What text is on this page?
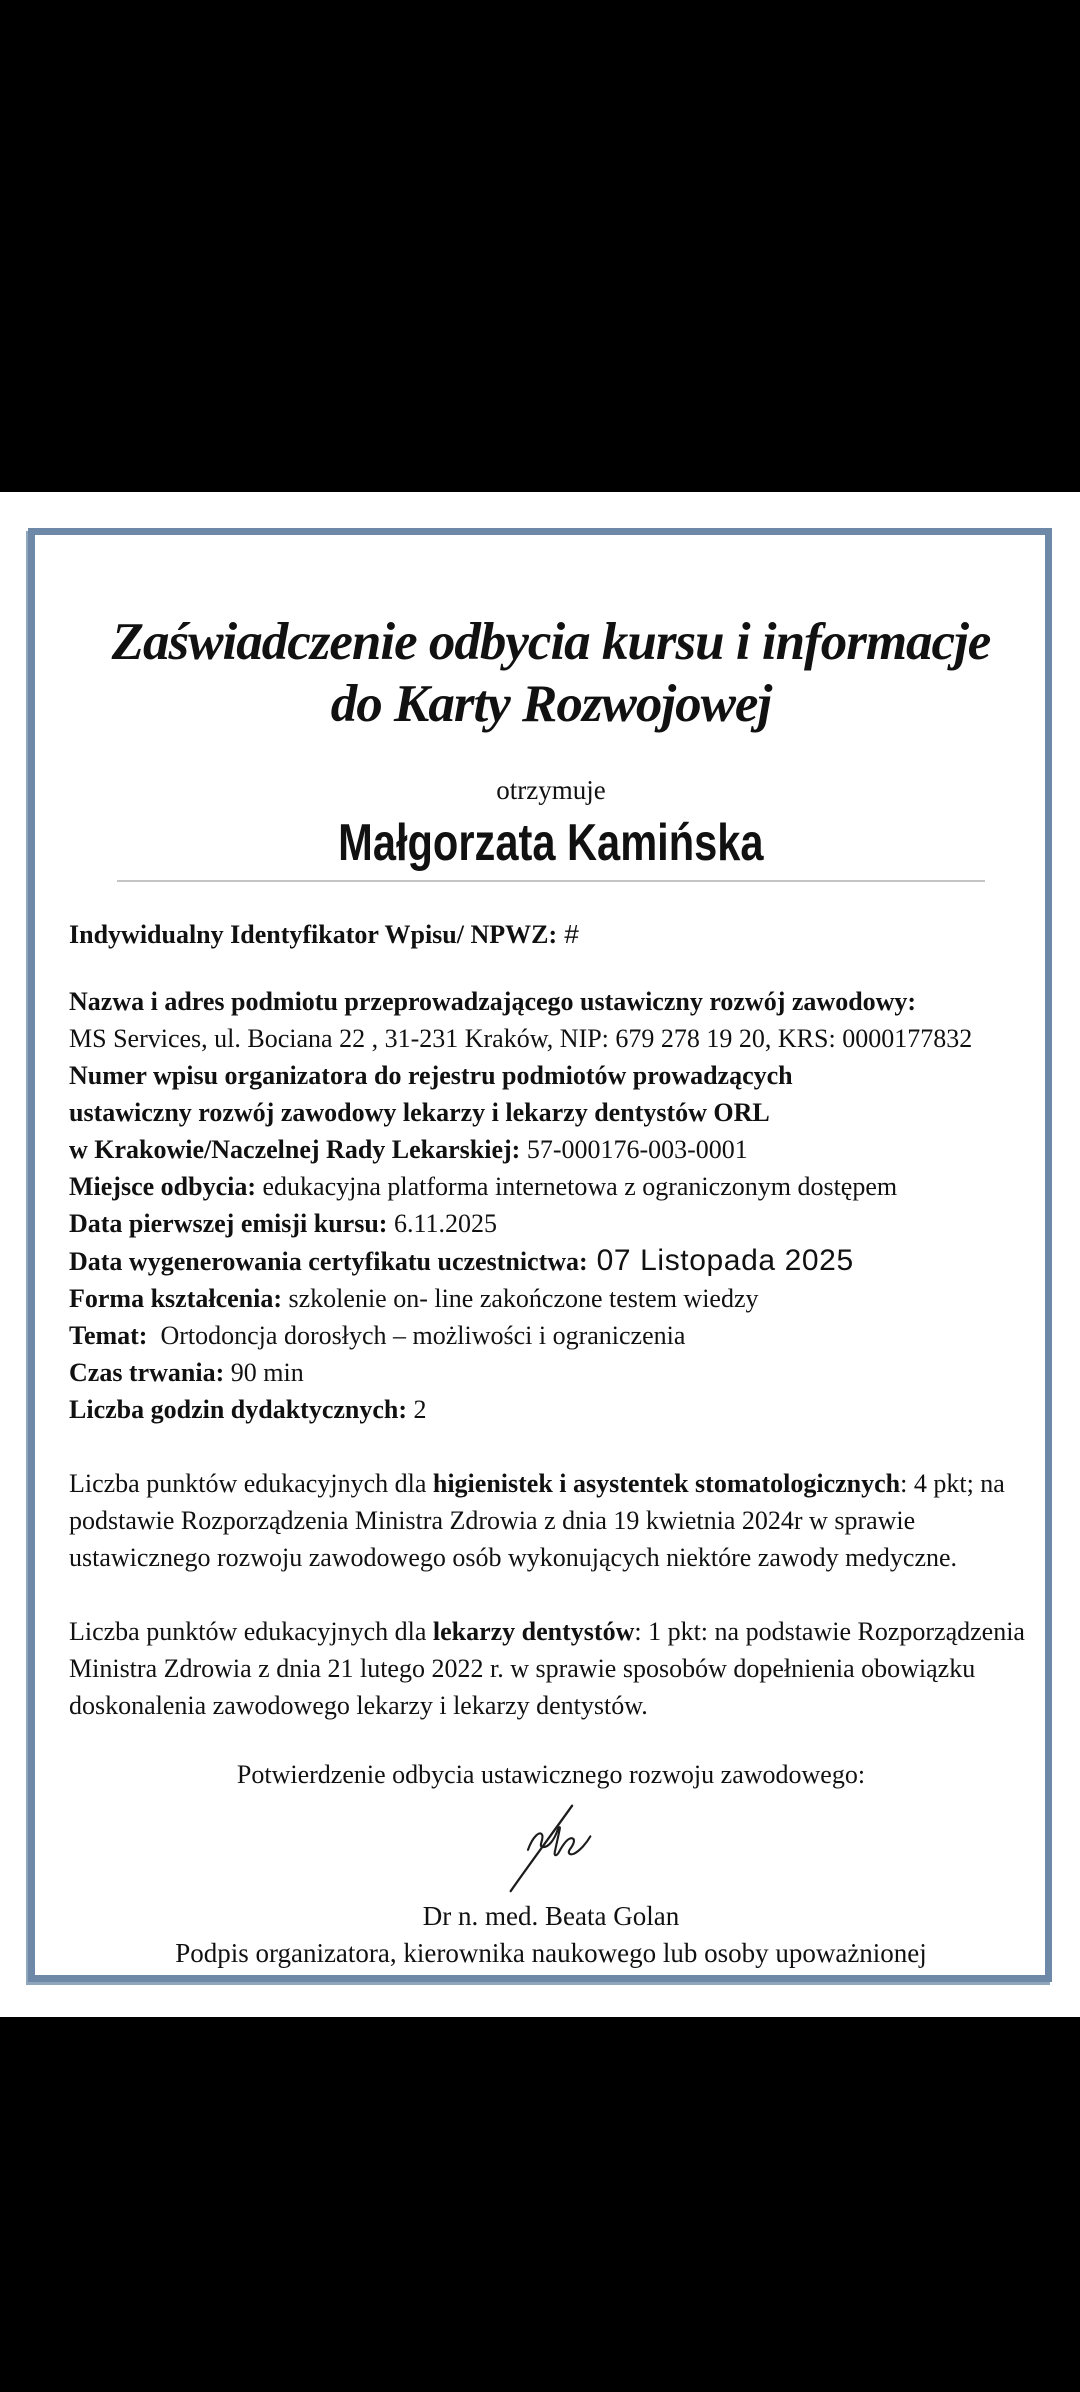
Zaświadczenie odbycia kursu i informacje
do Karty Rozwojowej
otrzymuje
Małgorzata Kamińska
Indywidualny Identyfikator Wpisu/ NPWZ: #
Nazwa i adres podmiotu przeprowadzającego ustawiczny rozwój zawodowy:
MS Services, ul. Bociana 22 , 31-231 Kraków, NIP: 679 278 19 20, KRS: 0000177832
Numer wpisu organizatora do rejestru podmiotów prowadzących
ustawiczny rozwój zawodowy lekarzy i lekarzy dentystów ORL
w Krakowie/Naczelnej Rady Lekarskiej: 57-000176-003-0001
Miejsce odbycia: edukacyjna platforma internetowa z ograniczonym dostępem
Data pierwszej emisji kursu: 6.11.2025
Data wygenerowania certyfikatu uczestnictwa: 07 Listopada 2025
Forma kształcenia: szkolenie on- line zakończone testem wiedzy
Temat:  Ortodoncja dorosłych – możliwości i ograniczenia
Czas trwania: 90 min
Liczba godzin dydaktycznych: 2

Liczba punktów edukacyjnych dla higienistek i asystentek stomatologicznych: 4 pkt; na podstawie Rozporządzenia Ministra Zdrowia z dnia 19 kwietnia 2024r w sprawie ustawicznego rozwoju zawodowego osób wykonujących niektóre zawody medyczne.

Liczba punktów edukacyjnych dla lekarzy dentystów: 1 pkt: na podstawie Rozporządzenia Ministra Zdrowia z dnia 21 lutego 2022 r. w sprawie sposobów dopełnienia obowiązku doskonalenia zawodowego lekarzy i lekarzy dentystów.

Potwierdzenie odbycia ustawicznego rozwoju zawodowego:
Dr n. med. Beata Golan
Podpis organizatora, kierownika naukowego lub osoby upoważnionej
